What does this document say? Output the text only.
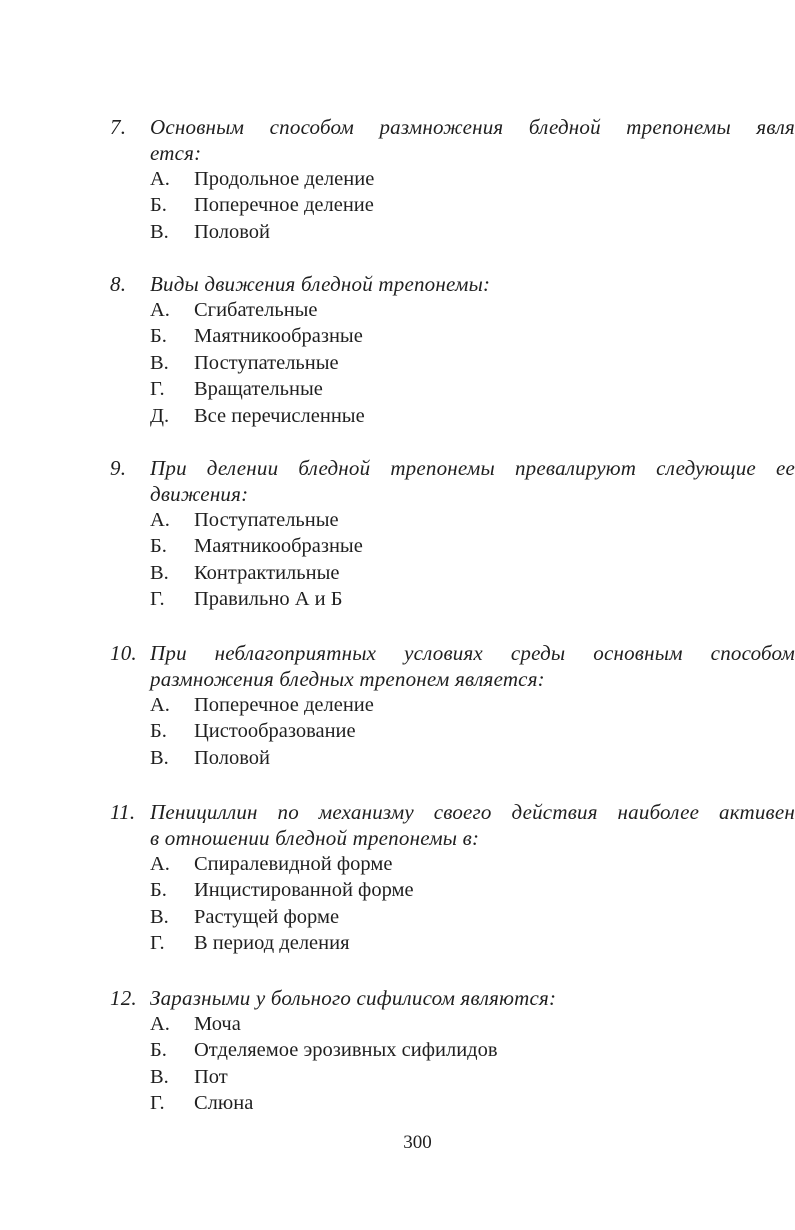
7.	Основным способом размножения бледной трепонемы явля
ется:
А.	Продольное деление
Б.	Поперечное деление
В.	Половой
8.	Виды движения бледной трепонемы:
А.	Сгибательные
Б.	Маятникообразные
В.	Поступательные
Г.	Вращательные
Д.	Все перечисленные
9.	При делении бледной трепонемы превалируют следующие ее
движения:
А.	Поступательные
Б.	Маятникообразные
В.	Контрактильные
Г.	Правильно А и Б
10. При неблагоприятных условиях среды основным способом
размножения бледных трепонем является:
А.	Поперечное деление
Б.	Цистообразование
В.	Половой
11. Пенициллин по механизму своего действия наиболее активен
в отношении бледной трепонемы в:
А.	Спиралевидной форме
Б.	Инцистированной форме
В.	Растущей форме
Г.	В период деления
12. Заразными у больного сифилисом являются:
А.	Моча
Б.	Отделяемое эрозивных сифилидов
В.	Пот
Г.	Слюна
300
